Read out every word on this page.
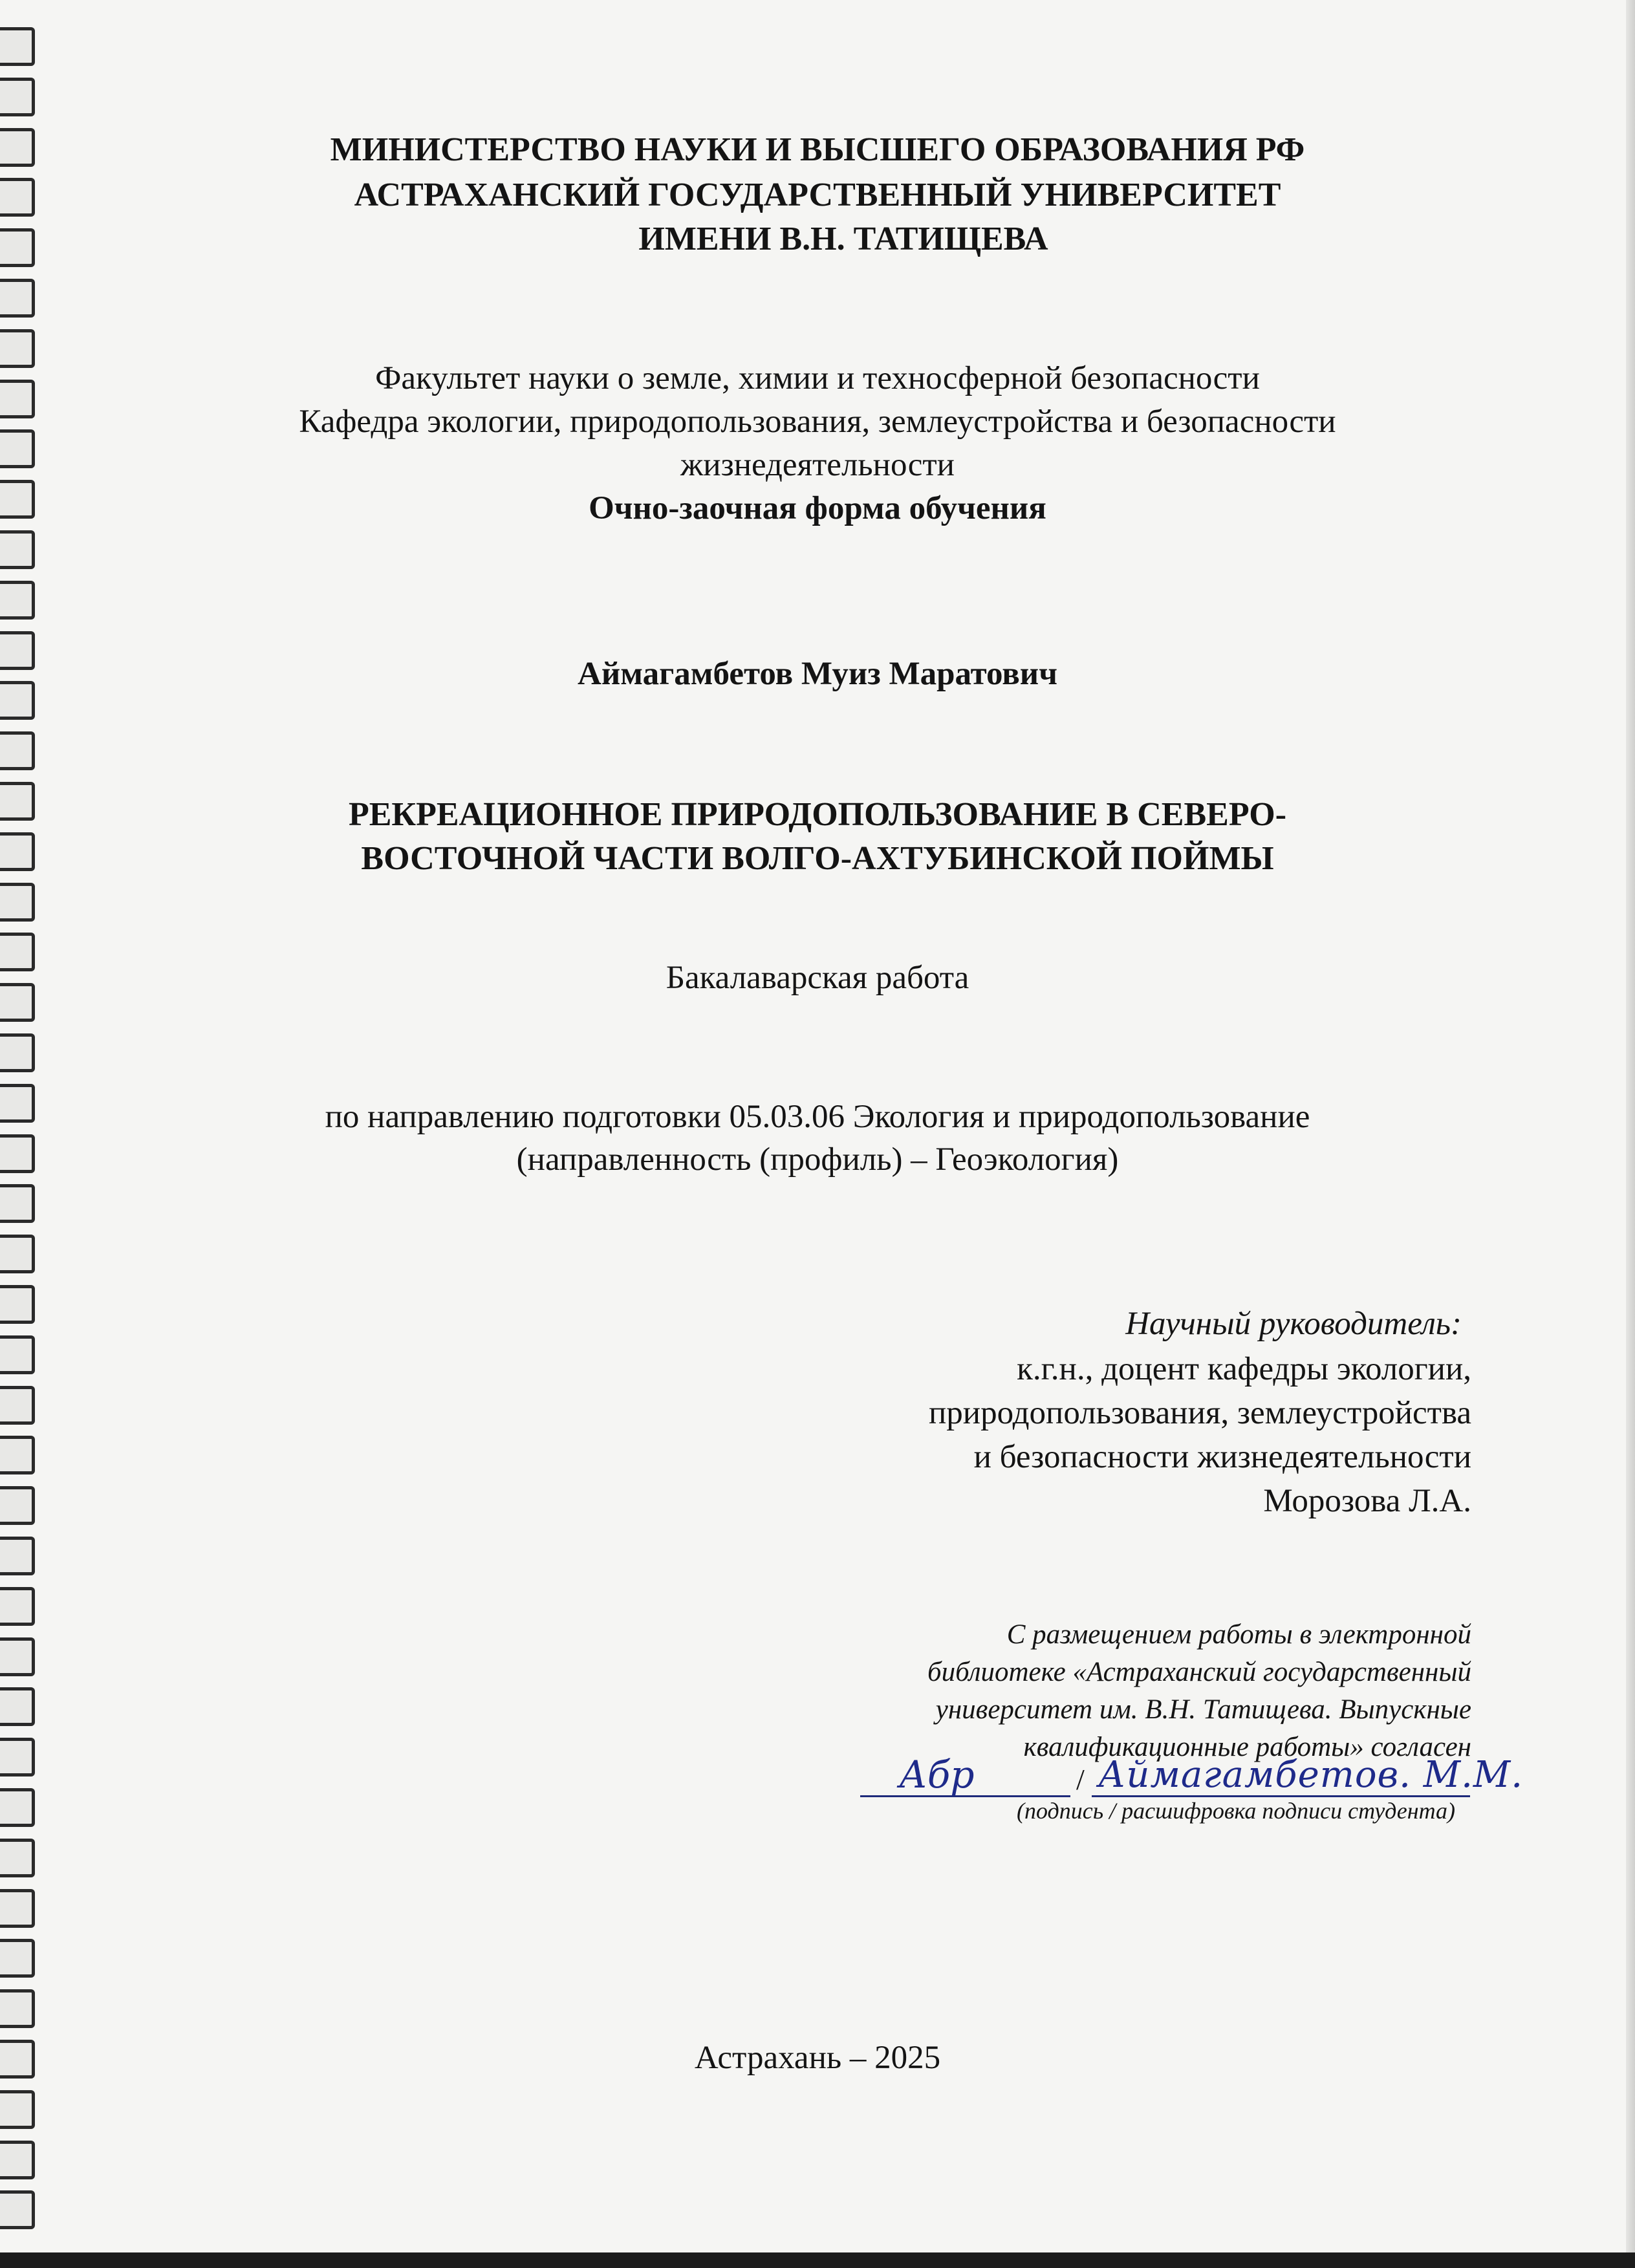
МИНИСТЕРСТВО НАУКИ И ВЫСШЕГО ОБРАЗОВАНИЯ РФ
АСТРАХАНСКИЙ ГОСУДАРСТВЕННЫЙ УНИВЕРСИТЕТ
ИМЕНИ В.Н. ТАТИЩЕВА
Факультет науки о земле, химии и техносферной безопасности
Кафедра экологии, природопользования, землеустройства и безопасности
жизнедеятельности
Очно-заочная форма обучения
Аймагамбетов Муиз Маратович
РЕКРЕАЦИОННОЕ ПРИРОДОПОЛЬЗОВАНИЕ В СЕВЕРО-
ВОСТОЧНОЙ ЧАСТИ ВОЛГО-АХТУБИНСКОЙ ПОЙМЫ
Бакалаварская работа
по направлению подготовки 05.03.06 Экология и природопользование
(направленность (профиль) – Геоэкология)
Научный руководитель:
к.г.н., доцент кафедры экологии,
природопользования, землеустройства
и безопасности жизнедеятельности
Морозова Л.А.
С размещением работы в электронной
библиотеке «Астраханский государственный
университет им. В.Н. Татищева. Выпускные
квалификационные работы» согласен
/
Абр	Аймагамбетов. М.М.
(подпись / расшифровка подписи студента)
Астрахань – 2025
